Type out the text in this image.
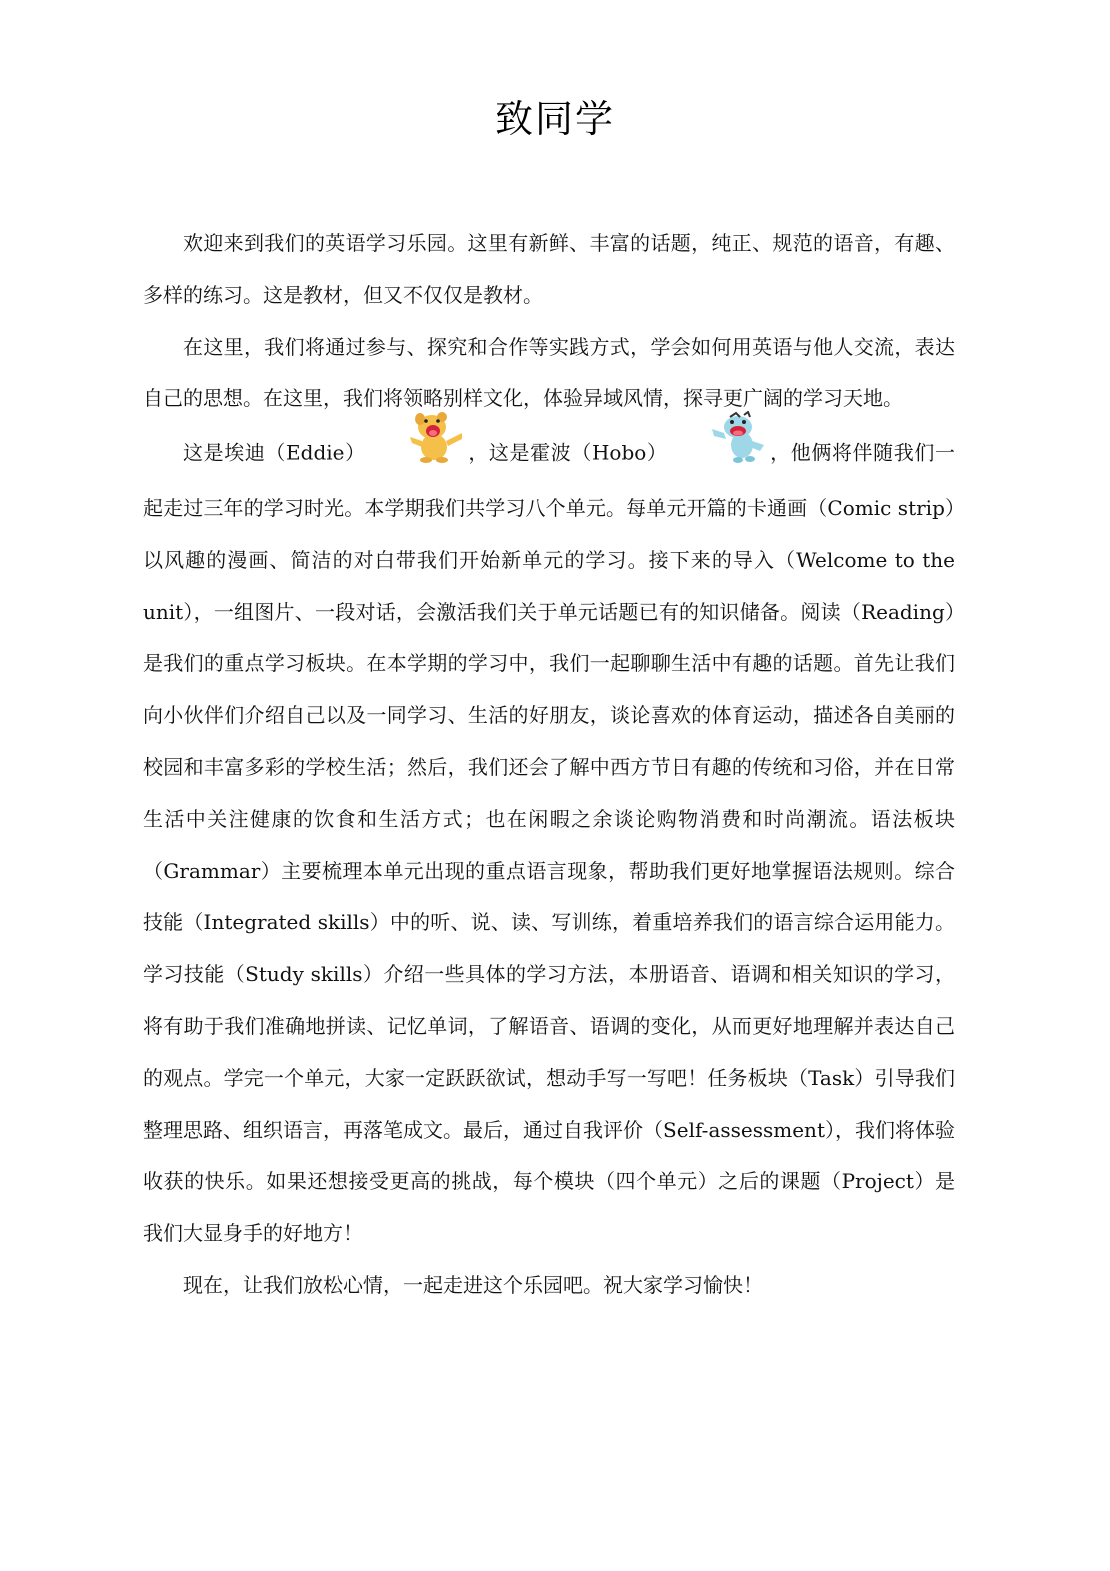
致同学

欢迎来到我们的英语学习乐园。这里有新鲜、丰富的话题，纯正、规范的语音，有趣、多样的练习。这是教材，但又不仅仅是教材。

在这里，我们将通过参与、探究和合作等实践方式，学会如何用英语与他人交流，表达自己的思想。在这里，我们将领略别样文化，体验异域风情，探寻更广阔的学习天地。

这是埃迪（Eddie）	，这是霍波（Hobo）	，他俩将伴随我们一起走过三年的学习时光。本学期我们共学习八个单元。每单元开篇的卡通画（Comic strip）以风趣的漫画、简洁的对白带我们开始新单元的学习。接下来的导入（Welcome to the unit），一组图片、一段对话，会激活我们关于单元话题已有的知识储备。阅读（Reading）是我们的重点学习板块。在本学期的学习中，我们一起聊聊生活中有趣的话题。首先让我们向小伙伴们介绍自己以及一同学习、生活的好朋友，谈论喜欢的体育运动，描述各自美丽的校园和丰富多彩的学校生活；然后，我们还会了解中西方节日有趣的传统和习俗，并在日常生活中关注健康的饮食和生活方式；也在闲暇之余谈论购物消费和时尚潮流。语法板块（Grammar）主要梳理本单元出现的重点语言现象，帮助我们更好地掌握语法规则。综合技能（Integrated skills）中的听、说、读、写训练，着重培养我们的语言综合运用能力。学习技能（Study skills）介绍一些具体的学习方法，本册语音、语调和相关知识的学习，将有助于我们准确地拼读、记忆单词，了解语音、语调的变化，从而更好地理解并表达自己的观点。学完一个单元，大家一定跃跃欲试，想动手写一写吧！任务板块（Task）引导我们整理思路、组织语言，再落笔成文。最后，通过自我评价（Self-assessment），我们将体验收获的快乐。如果还想接受更高的挑战，每个模块（四个单元）之后的课题（Project）是我们大显身手的好地方！

现在，让我们放松心情，一起走进这个乐园吧。祝大家学习愉快！
